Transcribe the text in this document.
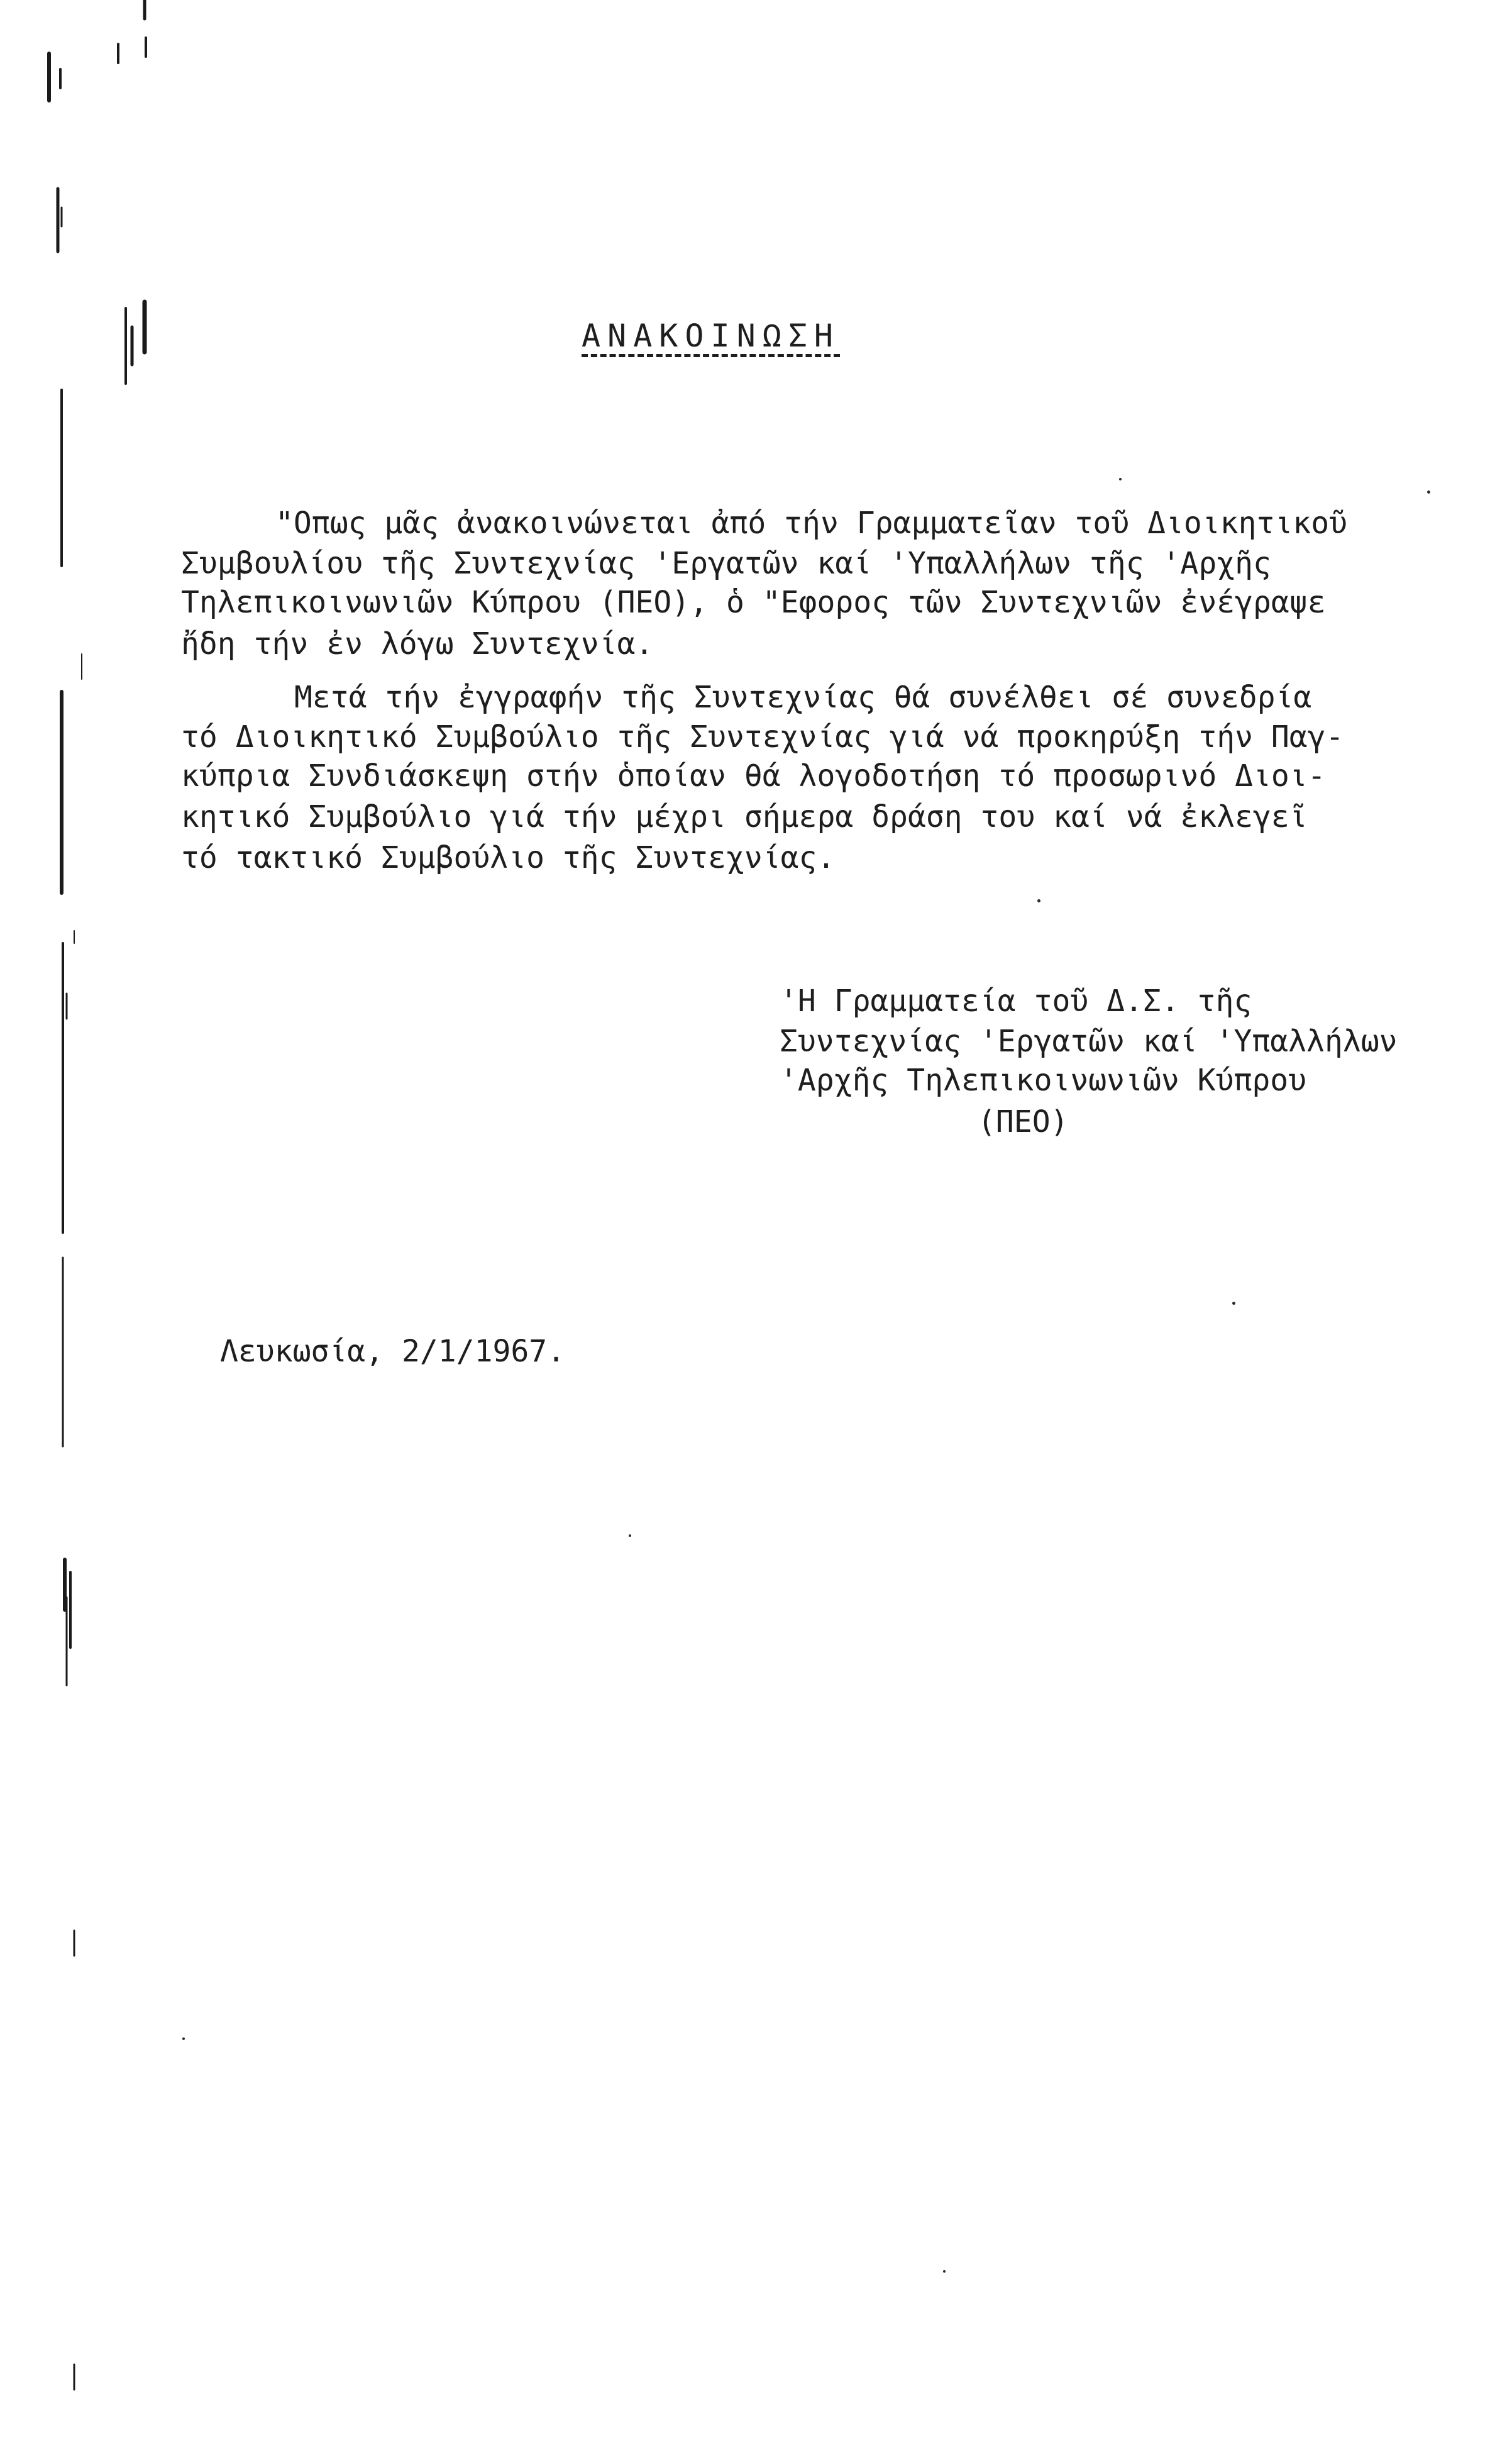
ΑΝΑΚΟΙΝΩΣΗ
"Οπως μᾶς ἀνακοινώνεται ἀπό τήν Γραμματεῖαν τοῦ Διοικητικοῦ
Συμβουλίου τῆς Συντεχνίας 'Εργατῶν καί 'Υπαλλήλων τῆς 'Αρχῆς
Τηλεπικοινωνιῶν Κύπρου (ΠΕΟ), ὁ "Εφορος τῶν Συντεχνιῶν ἐνέγραψε
ἤδη τήν ἐν λόγω Συντεχνία.
Μετά τήν ἐγγραφήν τῆς Συντεχνίας θά συνέλθει σέ συνεδρία
τό Διοικητικό Συμβούλιο τῆς Συντεχνίας γιά νά προκηρύξη τήν Παγ-
κύπρια Συνδιάσκεψη στήν ὁποίαν θά λογοδοτήση τό προσωρινό Διοι-
κητικό Συμβούλιο γιά τήν μέχρι σήμερα δράση του καί νά ἐκλεγεῖ
τό τακτικό Συμβούλιο τῆς Συντεχνίας.
'Η Γραμματεία τοῦ Δ.Σ. τῆς
Συντεχνίας 'Εργατῶν καί 'Υπαλλήλων
'Αρχῆς Τηλεπικοινωνιῶν Κύπρου
(ΠΕΟ)
Λευκωσία, 2/1/1967.
